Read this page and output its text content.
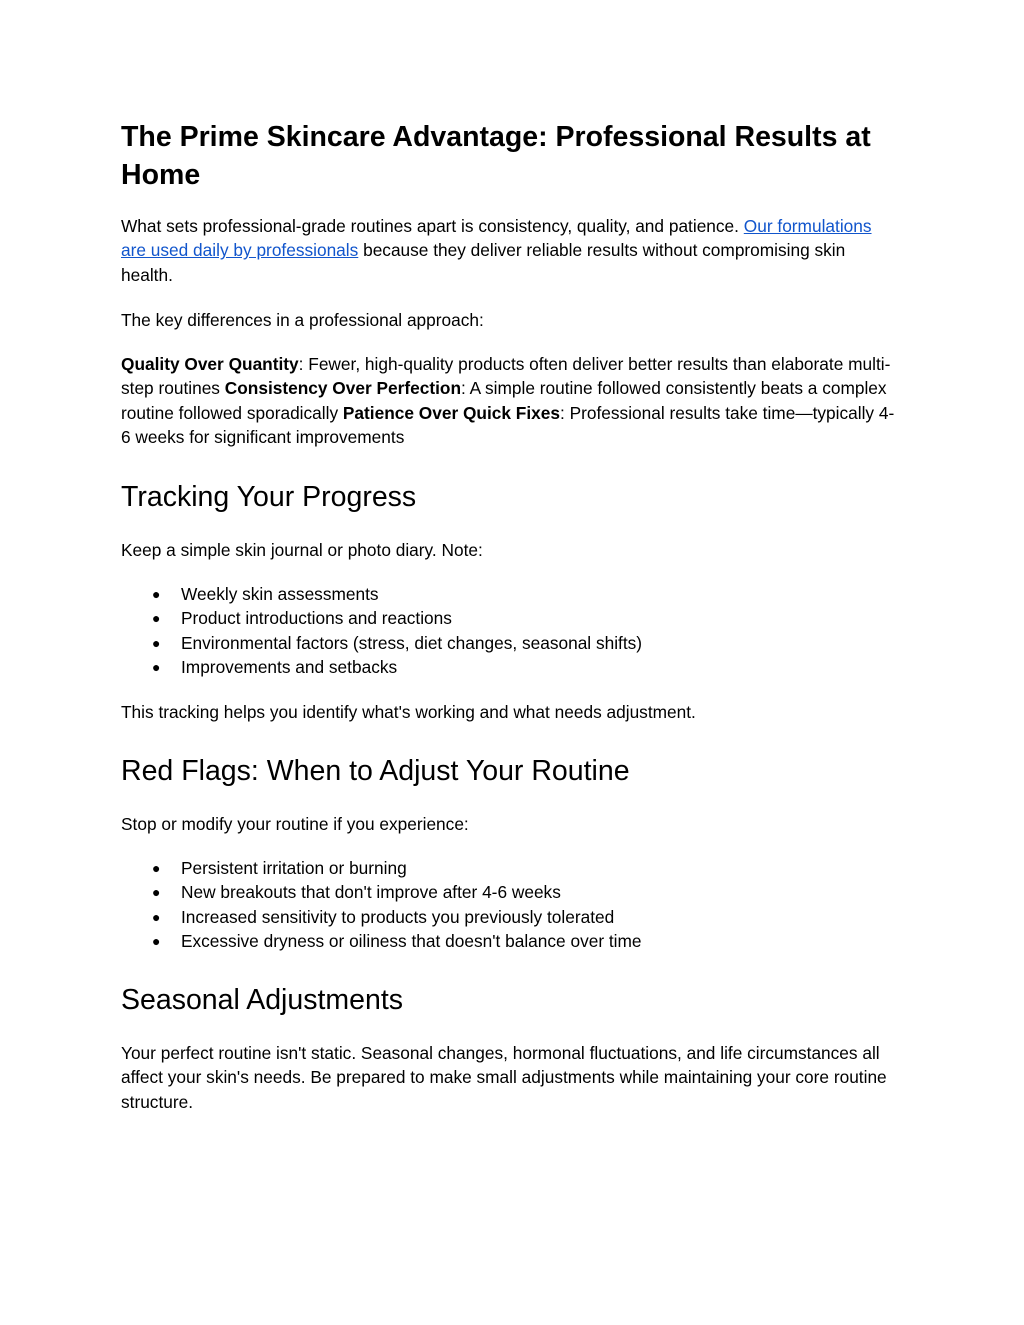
The Prime Skincare Advantage: Professional Results at Home

What sets professional-grade routines apart is consistency, quality, and patience. Our formulations are used daily by professionals because they deliver reliable results without compromising skin health.

The key differences in a professional approach:

Quality Over Quantity: Fewer, high-quality products often deliver better results than elaborate multi-step routines Consistency Over Perfection: A simple routine followed consistently beats a complex routine followed sporadically Patience Over Quick Fixes: Professional results take time—typically 4-6 weeks for significant improvements

Tracking Your Progress

Keep a simple skin journal or photo diary. Note:

● Weekly skin assessments
● Product introductions and reactions
● Environmental factors (stress, diet changes, seasonal shifts)
● Improvements and setbacks

This tracking helps you identify what's working and what needs adjustment.

Red Flags: When to Adjust Your Routine

Stop or modify your routine if you experience:

● Persistent irritation or burning
● New breakouts that don't improve after 4-6 weeks
● Increased sensitivity to products you previously tolerated
● Excessive dryness or oiliness that doesn't balance over time
Seasonal Adjustments

Your perfect routine isn't static. Seasonal changes, hormonal fluctuations, and life circumstances all affect your skin's needs. Be prepared to make small adjustments while maintaining your core routine structure.
